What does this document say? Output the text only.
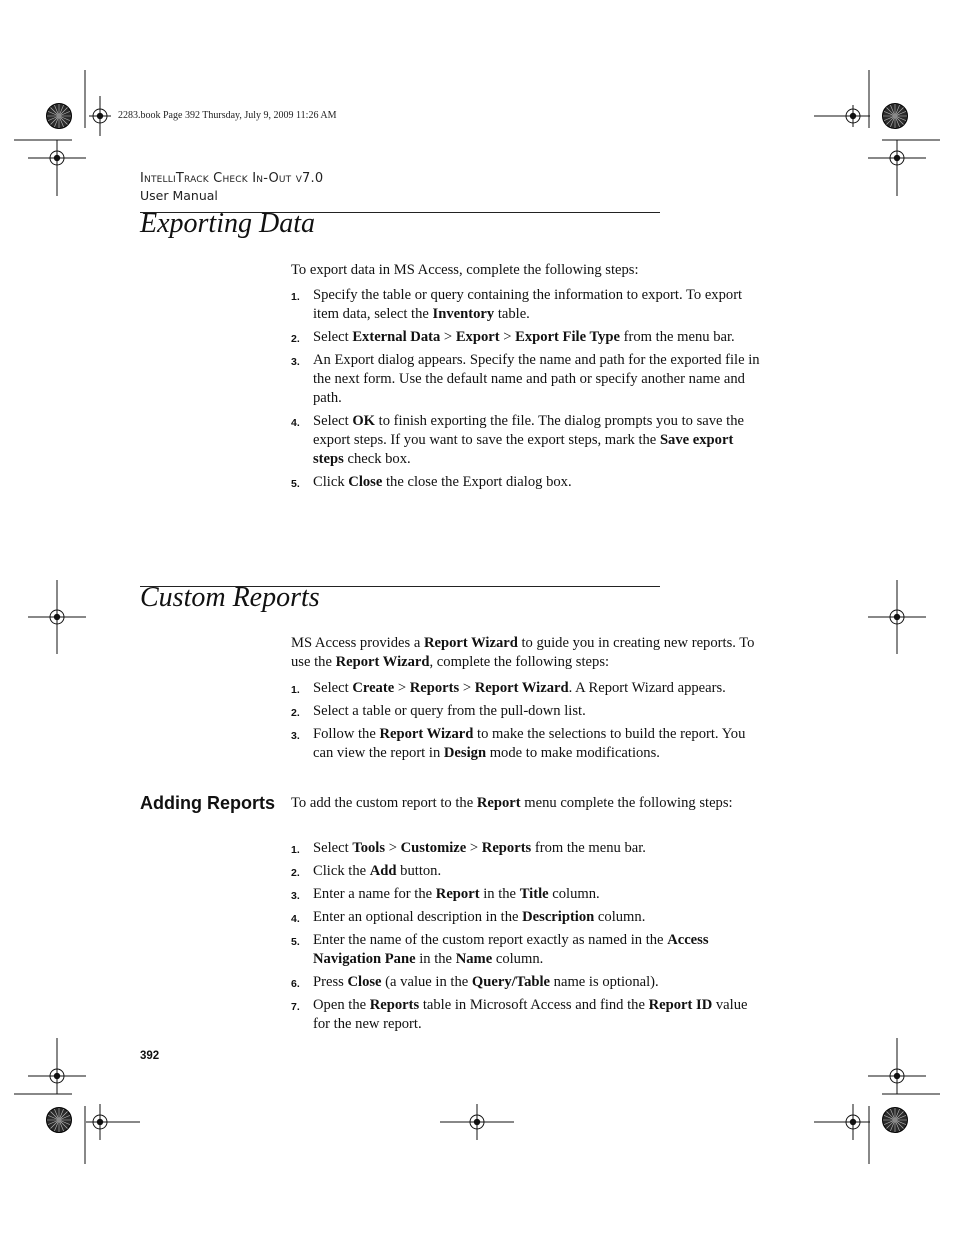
2283.book Page 392 Thursday, July 9, 2009 11:26 AM
IntelliTrack Check In-Out v7.0
User Manual
Exporting Data
To export data in MS Access, complete the following steps:
1. Specify the table or query containing the information to export. To export item data, select the Inventory table.
2. Select External Data > Export > Export File Type from the menu bar.
3. An Export dialog appears. Specify the name and path for the exported file in the next form. Use the default name and path or specify another name and path.
4. Select OK to finish exporting the file. The dialog prompts you to save the export steps. If you want to save the export steps, mark the Save export steps check box.
5. Click Close the close the Export dialog box.
Custom Reports
MS Access provides a Report Wizard to guide you in creating new reports. To use the Report Wizard, complete the following steps:
1. Select Create > Reports > Report Wizard. A Report Wizard appears.
2. Select a table or query from the pull-down list.
3. Follow the Report Wizard to make the selections to build the report. You can view the report in Design mode to make modifications.
Adding Reports	To add the custom report to the Report menu complete the following steps:
1. Select Tools > Customize > Reports from the menu bar.
2. Click the Add button.
3. Enter a name for the Report in the Title column.
4. Enter an optional description in the Description column.
5. Enter the name of the custom report exactly as named in the Access Navigation Pane in the Name column.
6. Press Close (a value in the Query/Table name is optional).
7. Open the Reports table in Microsoft Access and find the Report ID value for the new report.
392
